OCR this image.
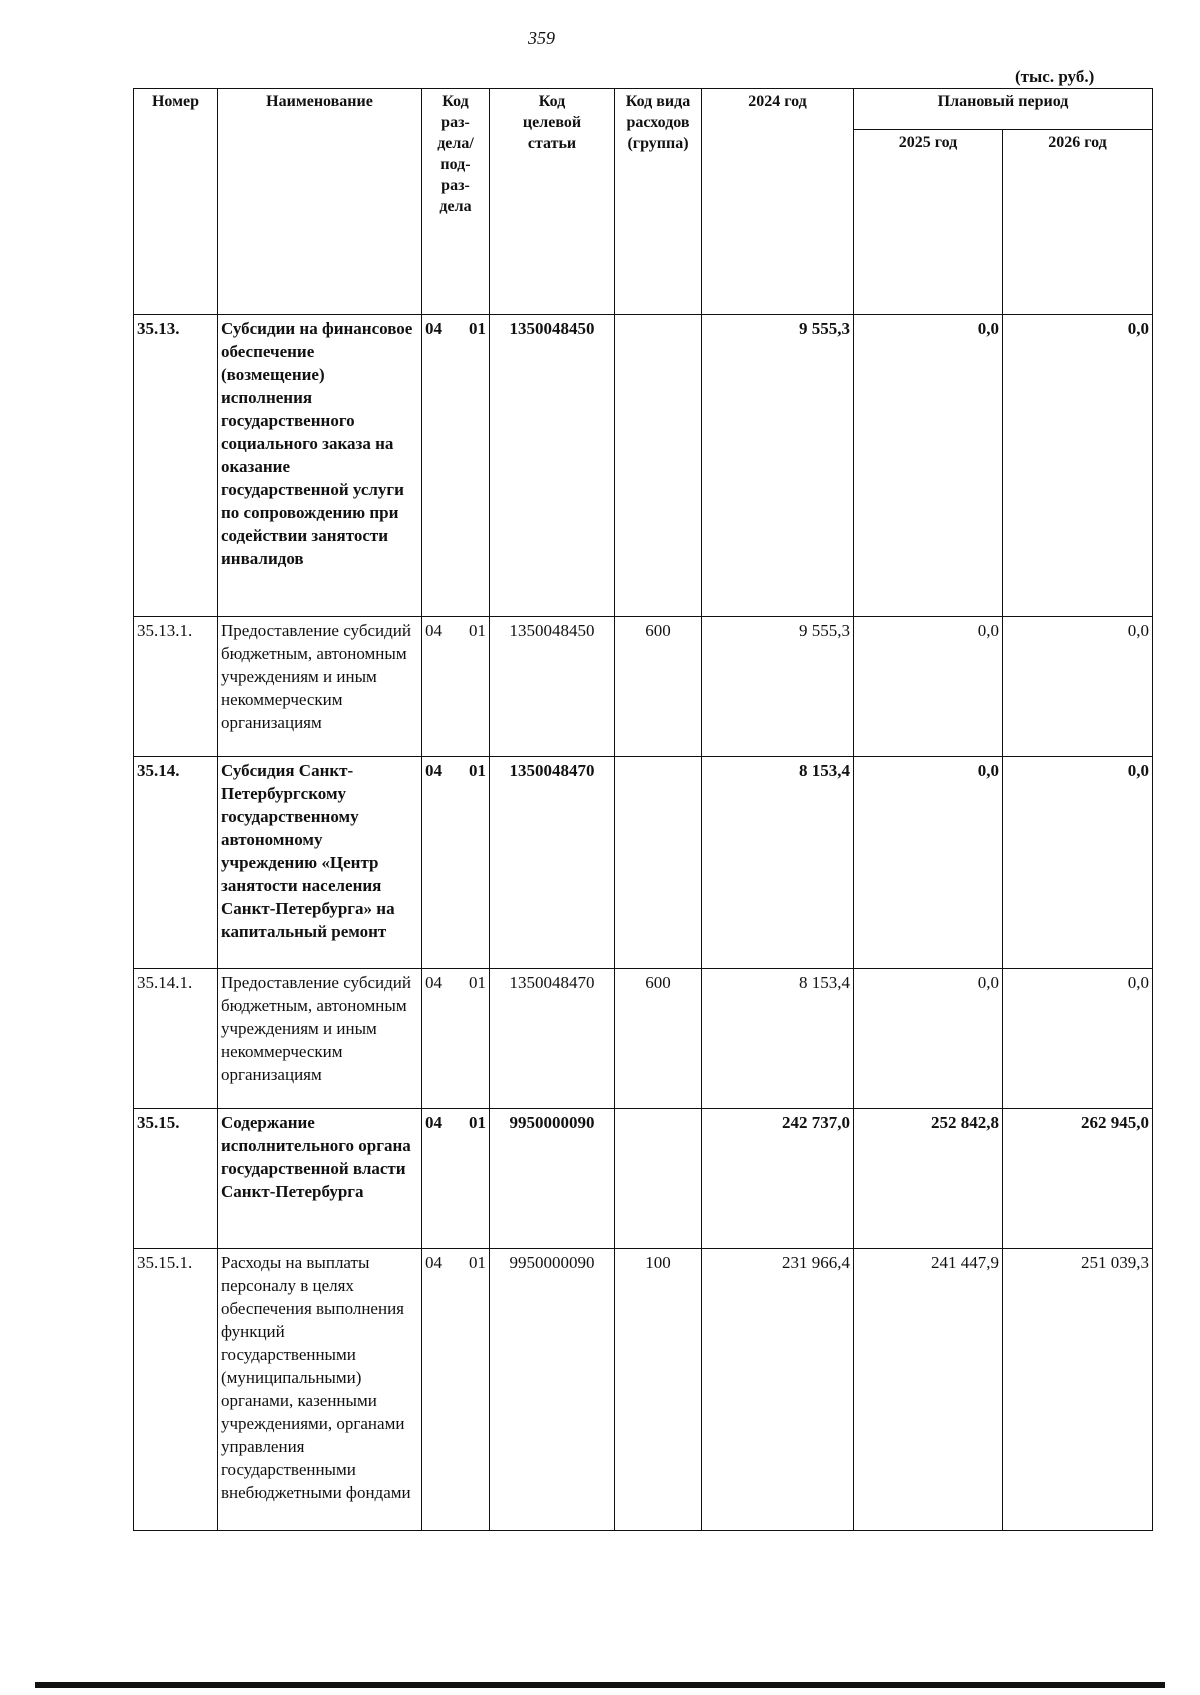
359
(тыс. руб.)
Номер	Наименование	Код раз- дела/ под- раз- дела	Код целевой статьи	Код вида расходов (группа)	2024 год	Плановый период	
						2025 год	2026 год
35.13.	Субсидии на финансовое обеспечение (возмещение) исполнения государственного социального заказа на оказание государственной услуги по сопровождению при содействии занятости инвалидов	04 01	1350048450		9 555,3	0,0	0,0
35.13.1.	Предоставление субсидий бюджетным, автономным учреждениям и иным некоммерческим организациям	04 01	1350048450	600	9 555,3	0,0	0,0
35.14.	Субсидия Санкт-Петербургскому государственному автономному учреждению «Центр занятости населения Санкт-Петербурга» на капитальный ремонт	04 01	1350048470		8 153,4	0,0	0,0
35.14.1.	Предоставление субсидий бюджетным, автономным учреждениям и иным некоммерческим организациям	04 01	1350048470	600	8 153,4	0,0	0,0
35.15.	Содержание исполнительного органа государственной власти Санкт-Петербурга	04 01	9950000090		242 737,0	252 842,8	262 945,0
35.15.1.	Расходы на выплаты персоналу в целях обеспечения выполнения функций государственными (муниципальными) органами, казенными учреждениями, органами управления государственными внебюджетными фондами	04 01	9950000090	100	231 966,4	241 447,9	251 039,3
